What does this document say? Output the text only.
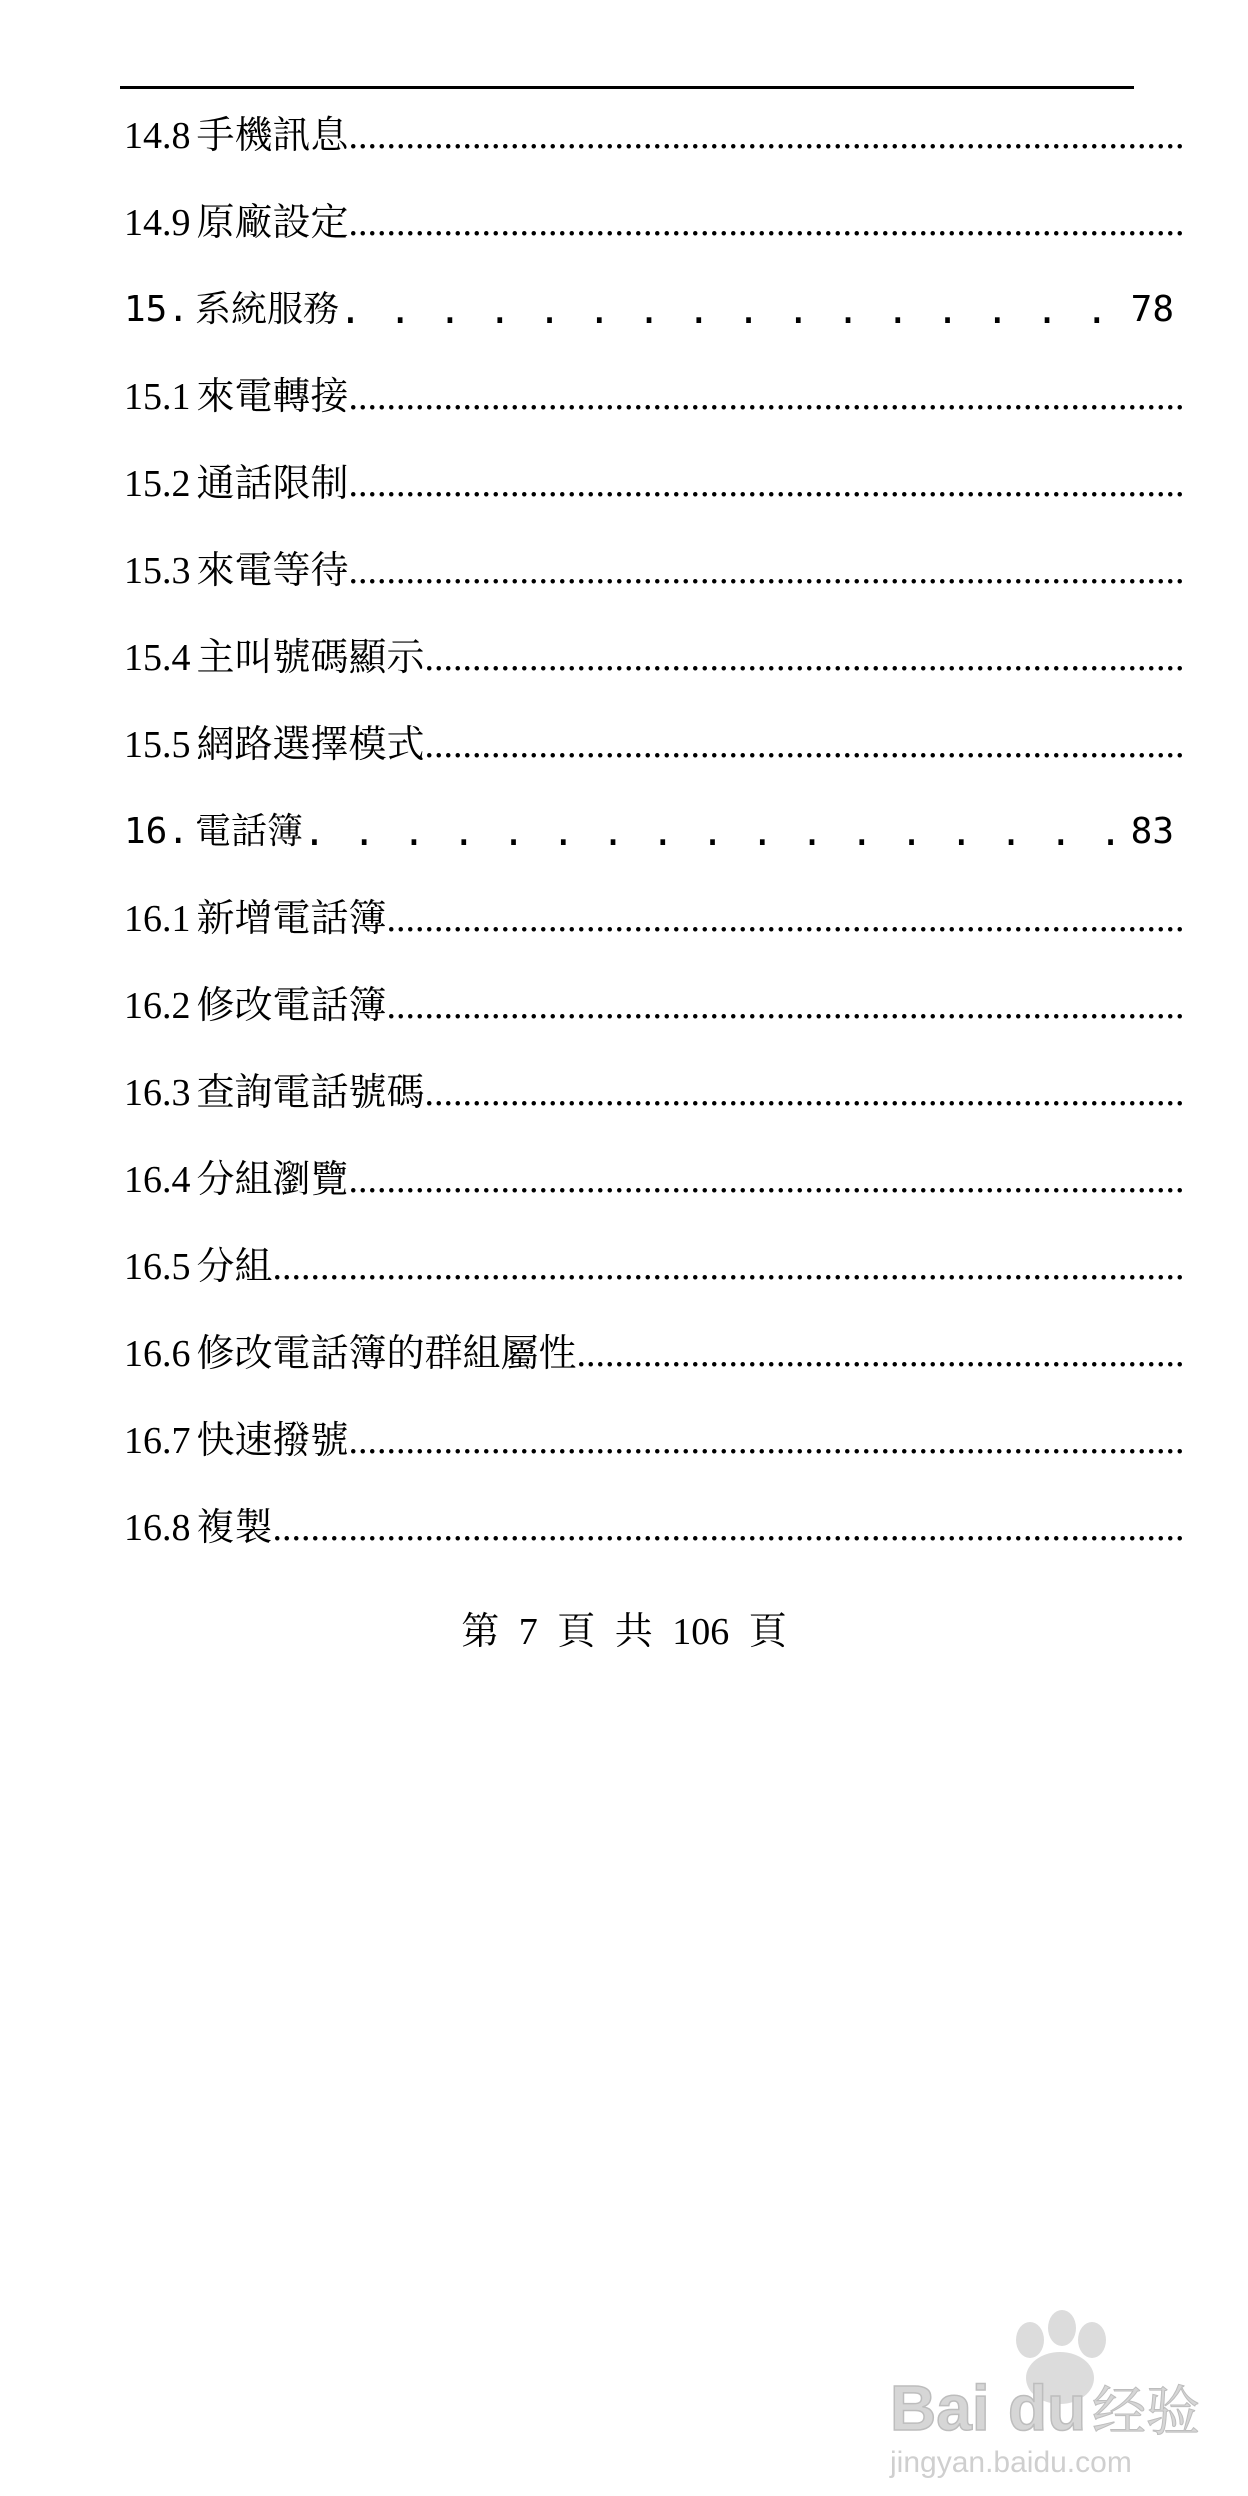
14.8 手機訊息
.....
14.9 原廠設定
.....
15. 系統服務 . . .	78
15.1 來電轉接
.....
15.2 通話限制
.....
15.3 來電等待
.....
15.4 主叫號碼顯示
.....
15.5 網路選擇模式
.....
16. 電話簿 . . .	83
16.1 新增電話簿
.....
16.2 修改電話簿
.....
16.3 查詢電話號碼
.....
16.4 分組瀏覽
.....
16.5 分組
.....
16.6 修改電話簿的群組屬性
.....
16.7 快速撥號
.....
16.8 複製
.....
第 7 頁 共 106 頁
Bai du 经验
jingyan.baidu.com
